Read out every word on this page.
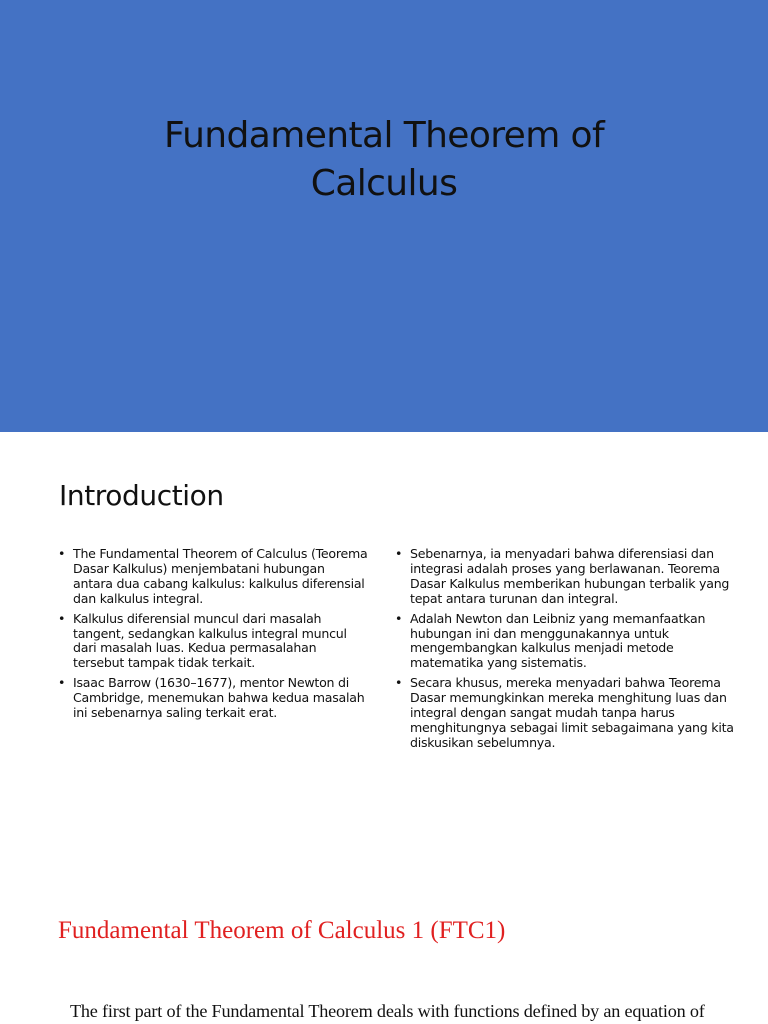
Fundamental Theorem of
Calculus
Introduction
• The Fundamental Theorem of Calculus (Teorema Dasar Kalkulus) menjembatani hubungan antara dua cabang kalkulus: kalkulus diferensial dan kalkulus integral.
• Kalkulus diferensial muncul dari masalah tangent, sedangkan kalkulus integral muncul dari masalah luas. Kedua permasalahan tersebut tampak tidak terkait.
• Isaac Barrow (1630–1677), mentor Newton di Cambridge, menemukan bahwa kedua masalah ini sebenarnya saling terkait erat.
• Sebenarnya, ia menyadari bahwa diferensiasi dan integrasi adalah proses yang berlawanan. Teorema Dasar Kalkulus memberikan hubungan terbalik yang tepat antara turunan dan integral.
• Adalah Newton dan Leibniz yang memanfaatkan hubungan ini dan menggunakannya untuk mengembangkan kalkulus menjadi metode matematika yang sistematis.
• Secara khusus, mereka menyadari bahwa Teorema Dasar memungkinkan mereka menghitung luas dan integral dengan sangat mudah tanpa harus menghitungnya sebagai limit sebagaimana yang kita diskusikan sebelumnya.
Fundamental Theorem of Calculus 1 (FTC1)

The first part of the Fundamental Theorem deals with functions defined by an equation of
